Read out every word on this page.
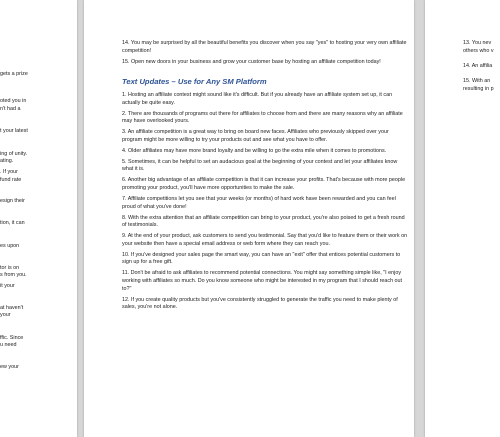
gets a prize
oted you in
n't had a
t your latest
ing of unity.
ating.
. If your
fund rate
esign their
tion, it can
es upon
tor is on
s from you.
it your
at haven't
your
ffic. Since
u need
ew your

14. You may be surprised by all the beautiful benefits you discover when you say "yes" to hosting your very own affiliate competition!

15. Open new doors in your business and grow your customer base by hosting an affiliate competition today!

Text Updates – Use for Any SM Platform

1. Hosting an affiliate contest might sound like it's difficult. But if you already have an affiliate system set up, it can actually be quite easy.

2. There are thousands of programs out there for affiliates to choose from and there are many reasons why an affiliate may have overlooked yours.

3. An affiliate competition is a great way to bring on board new faces. Affiliates who previously skipped over your program might be more willing to try your products out and see what you have to offer.

4. Older affiliates may have more brand loyalty and be willing to go the extra mile when it comes to promotions.

5. Sometimes, it can be helpful to set an audacious goal at the beginning of your contest and let your affiliates know what it is.

6. Another big advantage of an affiliate competition is that it can increase your profits. That's because with more people promoting your product, you'll have more opportunities to make the sale.

7. Affiliate competitions let you see that your weeks (or months) of hard work have been rewarded and you can feel proud of what you've done!

8. With the extra attention that an affiliate competition can bring to your product, you're also poised to get a fresh round of testimonials.

9. At the end of your product, ask customers to send you testimonial. Say that you'd like to feature them or their work on your website then have a special email address or web form where they can reach you.

10. If you've designed your sales page the smart way, you can have an "exit" offer that entices potential customers to sign up for a free gift.

11. Don't be afraid to ask affiliates to recommend potential connections. You might say something simple like, "I enjoy working with affiliates so much. Do you know someone who might be interested in my program that I should reach out to?"

12. If you create quality products but you've consistently struggled to generate the traffic you need to make plenty of sales, you're not alone.

13. You nev
others who v

14. An affilia

15. With an
resulting in p
